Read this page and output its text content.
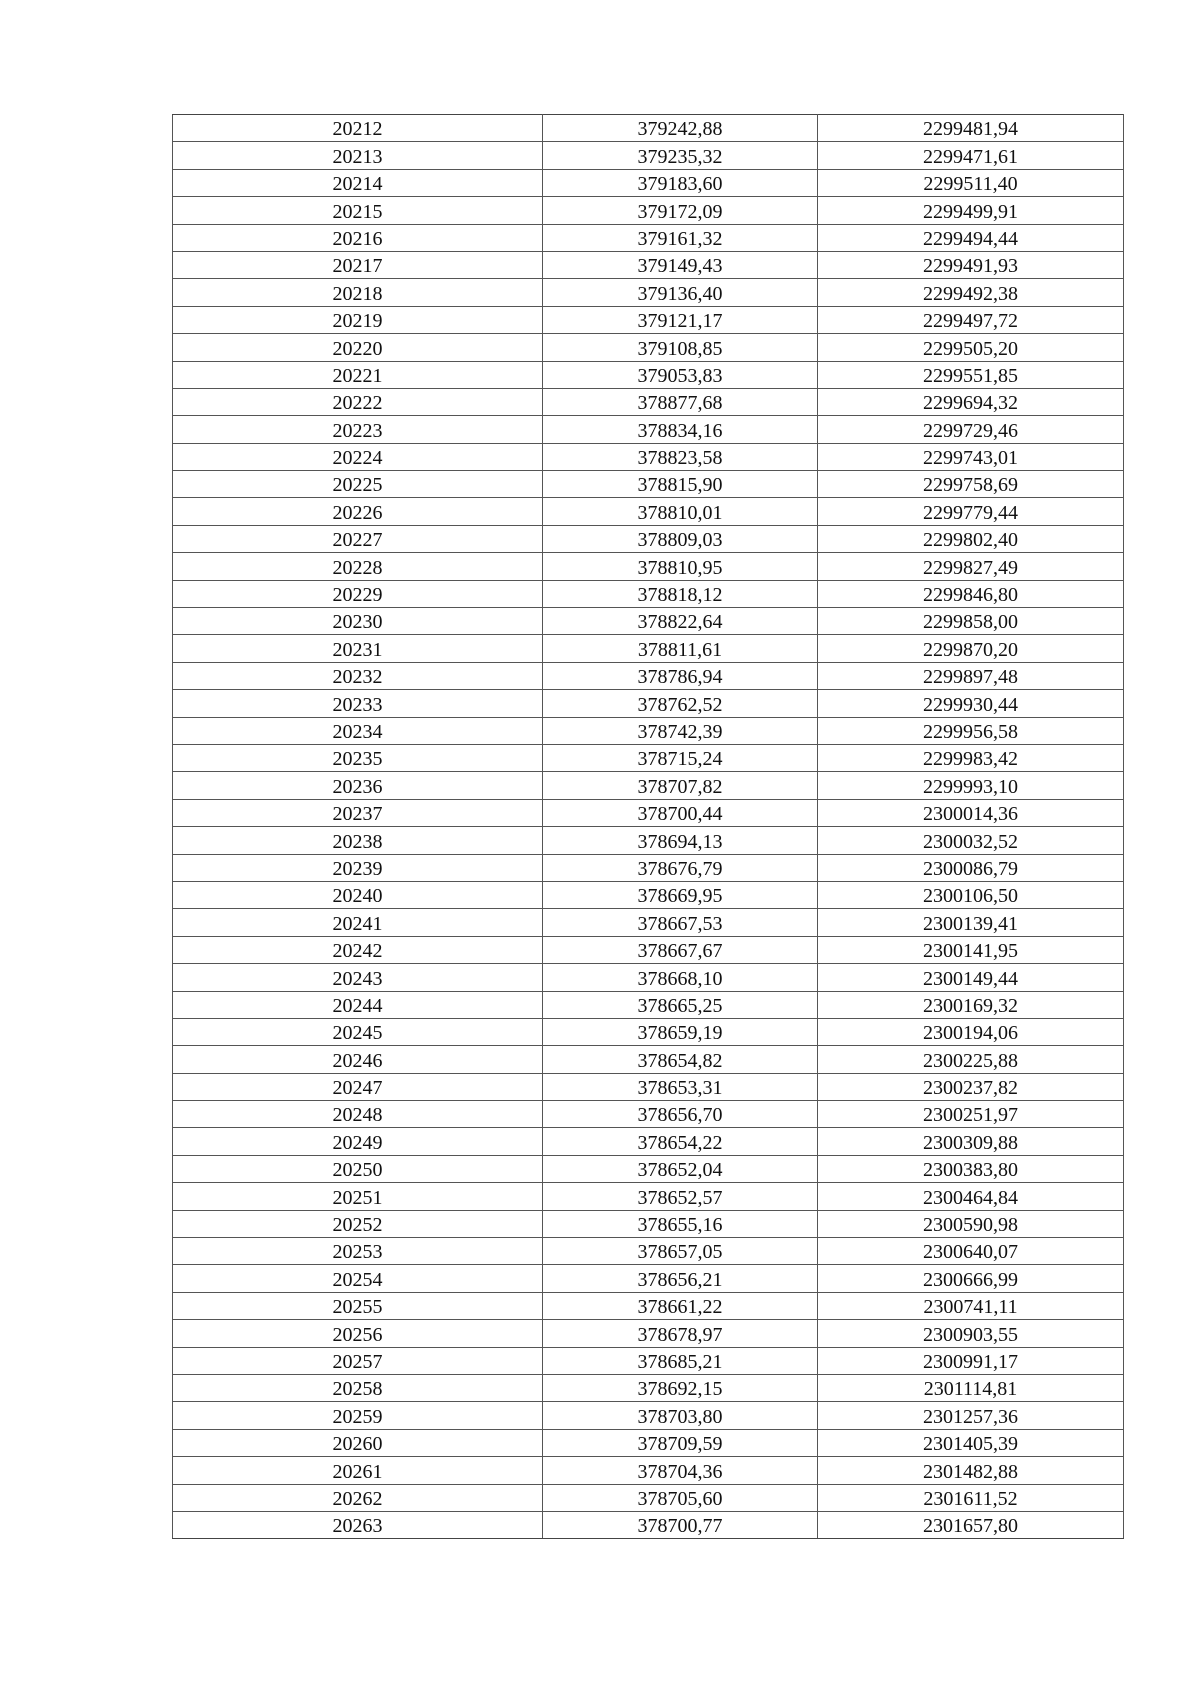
20212	379242,88	2299481,94
20213	379235,32	2299471,61
20214	379183,60	2299511,40
20215	379172,09	2299499,91
20216	379161,32	2299494,44
20217	379149,43	2299491,93
20218	379136,40	2299492,38
20219	379121,17	2299497,72
20220	379108,85	2299505,20
20221	379053,83	2299551,85
20222	378877,68	2299694,32
20223	378834,16	2299729,46
20224	378823,58	2299743,01
20225	378815,90	2299758,69
20226	378810,01	2299779,44
20227	378809,03	2299802,40
20228	378810,95	2299827,49
20229	378818,12	2299846,80
20230	378822,64	2299858,00
20231	378811,61	2299870,20
20232	378786,94	2299897,48
20233	378762,52	2299930,44
20234	378742,39	2299956,58
20235	378715,24	2299983,42
20236	378707,82	2299993,10
20237	378700,44	2300014,36
20238	378694,13	2300032,52
20239	378676,79	2300086,79
20240	378669,95	2300106,50
20241	378667,53	2300139,41
20242	378667,67	2300141,95
20243	378668,10	2300149,44
20244	378665,25	2300169,32
20245	378659,19	2300194,06
20246	378654,82	2300225,88
20247	378653,31	2300237,82
20248	378656,70	2300251,97
20249	378654,22	2300309,88
20250	378652,04	2300383,80
20251	378652,57	2300464,84
20252	378655,16	2300590,98
20253	378657,05	2300640,07
20254	378656,21	2300666,99
20255	378661,22	2300741,11
20256	378678,97	2300903,55
20257	378685,21	2300991,17
20258	378692,15	2301114,81
20259	378703,80	2301257,36
20260	378709,59	2301405,39
20261	378704,36	2301482,88
20262	378705,60	2301611,52
20263	378700,77	2301657,80
